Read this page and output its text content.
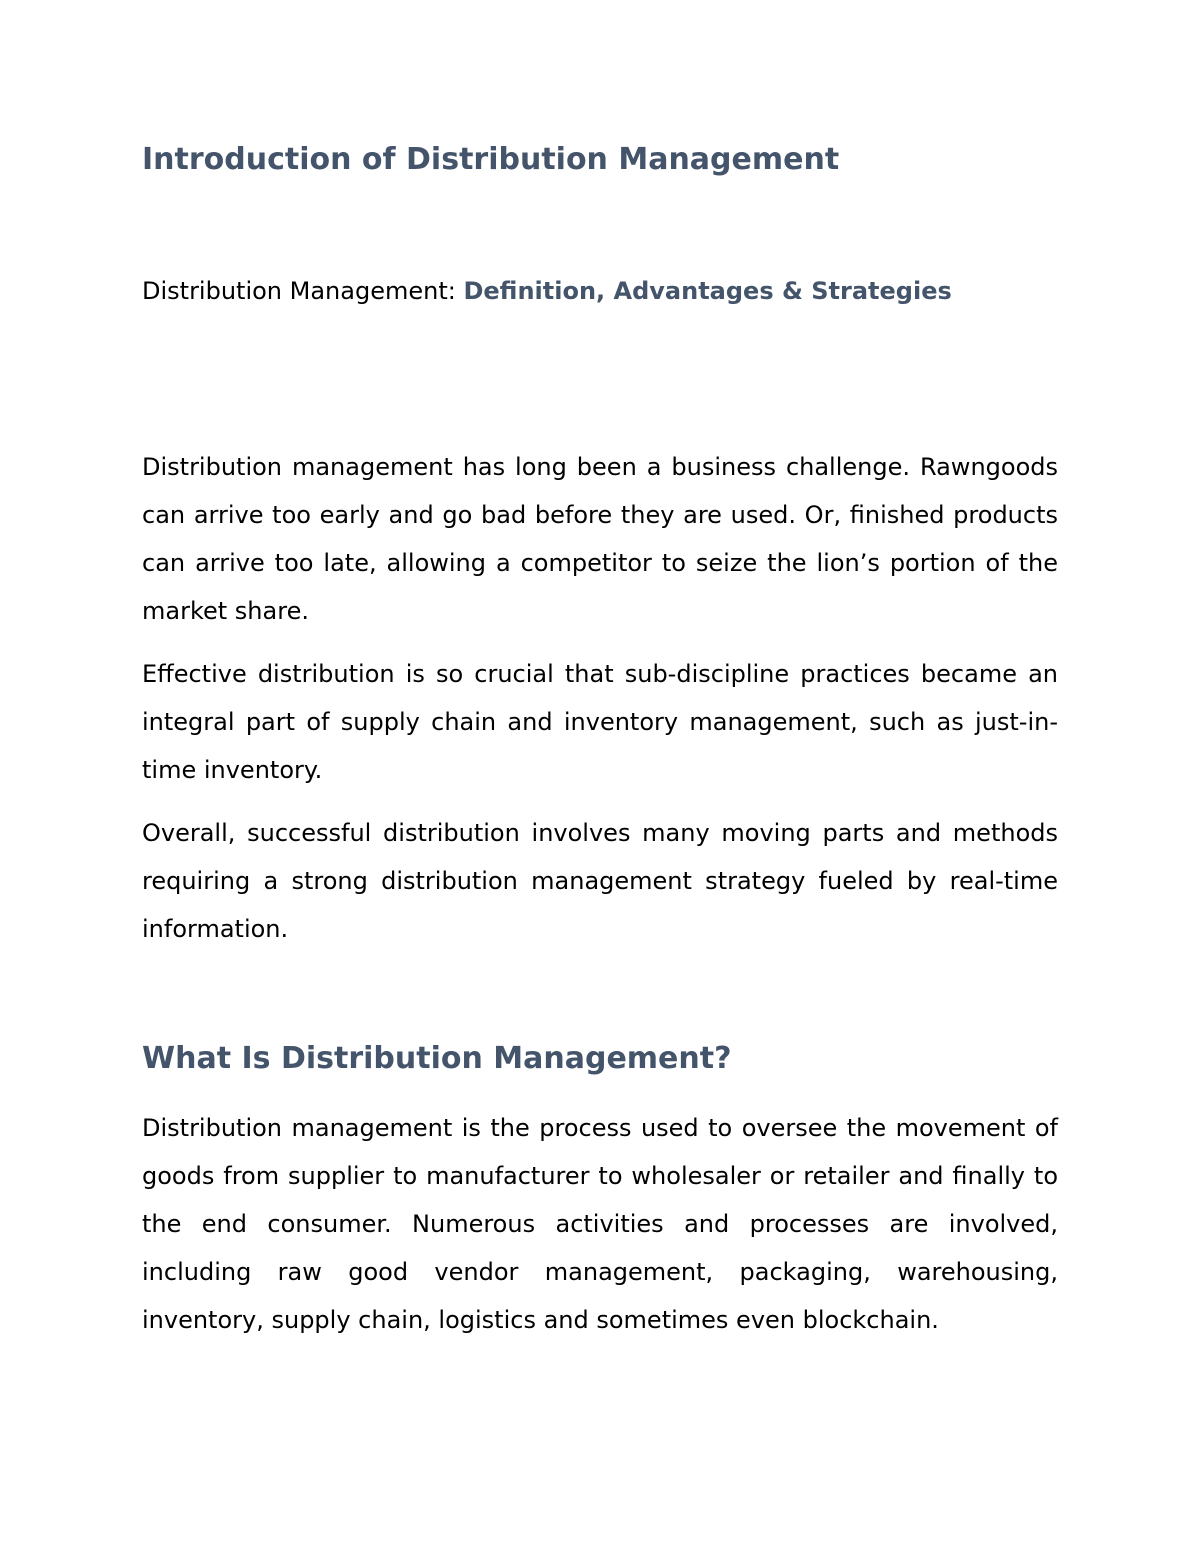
Introduction of Distribution Management

Distribution Management: Definition, Advantages & Strategies

Distribution management has long been a business challenge. Rawngoods can arrive too early and go bad before they are used. Or, finished products can arrive too late, allowing a competitor to seize the lion’s portion of the market share.

Effective distribution is so crucial that sub-discipline practices became an integral part of supply chain and inventory management, such as just-in-time inventory.

Overall, successful distribution involves many moving parts and methods requiring a strong distribution management strategy fueled by real-time information.

What Is Distribution Management?

Distribution management is the process used to oversee the movement of goods from supplier to manufacturer to wholesaler or retailer and finally to the end consumer. Numerous activities and processes are involved, including raw good vendor management, packaging, warehousing, inventory, supply chain, logistics and sometimes even blockchain.
